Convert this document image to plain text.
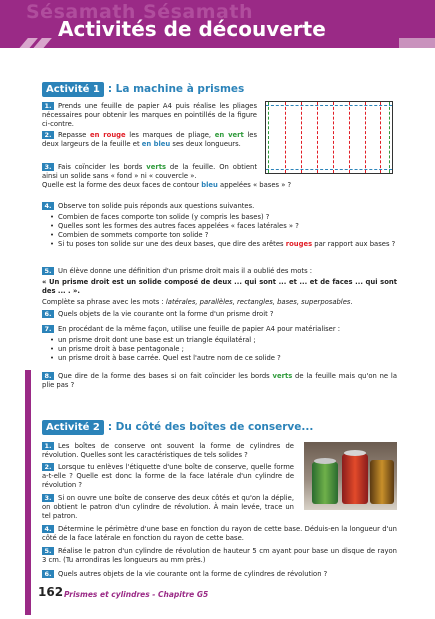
Sésamath Sésamath
Activités de découverte
Activité 1 : La machine à prismes
1. Prends une feuille de papier A4 puis réalise les pliages nécessaires pour obtenir les marques en pointillés de la figure ci-contre.
2. Repasse en rouge les marques de pliage, en vert les deux largeurs de la feuille et en bleu ses deux longueurs.
3. Fais coïncider les bords verts de la feuille. On obtient ainsi un solide sans « fond » ni « couvercle ».
Quelle est la forme des deux faces de contour bleu appelées « bases » ?
4. Observe ton solide puis réponds aux questions suivantes.
• Combien de faces comporte ton solide (y compris les bases) ?
• Quelles sont les formes des autres faces appelées « faces latérales » ?
• Combien de sommets comporte ton solide ?
• Si tu poses ton solide sur une des deux bases, que dire des arêtes rouges par rapport aux bases ?
5. Un élève donne une définition d'un prisme droit mais il a oublié des mots :
« Un prisme droit est un solide composé de deux ... qui sont ... et ... et de faces ... qui sont des ... . ».
Complète sa phrase avec les mots : latérales, parallèles, rectangles, bases, superposables.
6. Quels objets de la vie courante ont la forme d'un prisme droit ?
7. En procédant de la même façon, utilise une feuille de papier A4 pour matérialiser :
• un prisme droit dont une base est un triangle équilatéral ;
• un prisme droit à base pentagonale ;
• un prisme droit à base carrée. Quel est l'autre nom de ce solide ?
8. Que dire de la forme des bases si on fait coïncider les bords verts de la feuille mais qu'on ne la plie pas ?
Activité 2 : Du côté des boîtes de conserve...
1. Les boîtes de conserve ont souvent la forme de cylindres de révolution. Quelles sont les caractéristiques de tels solides ?
2. Lorsque tu enlèves l'étiquette d'une boîte de conserve, quelle forme a-t-elle ? Quelle est donc la forme de la face latérale d'un cylindre de révolution ?
3. Si on ouvre une boîte de conserve des deux côtés et qu'on la déplie, on obtient le patron d'un cylindre de révolution. À main levée, trace un tel patron.
4. Détermine le périmètre d'une base en fonction du rayon de cette base. Déduis-en la longueur d'un côté de la face latérale en fonction du rayon de cette base.
5. Réalise le patron d'un cylindre de révolution de hauteur 5 cm ayant pour base un disque de rayon 3 cm. (Tu arrondiras les longueurs au mm près.)
6. Quels autres objets de la vie courante ont la forme de cylindres de révolution ?
162 Prismes et cylindres - Chapitre G5
